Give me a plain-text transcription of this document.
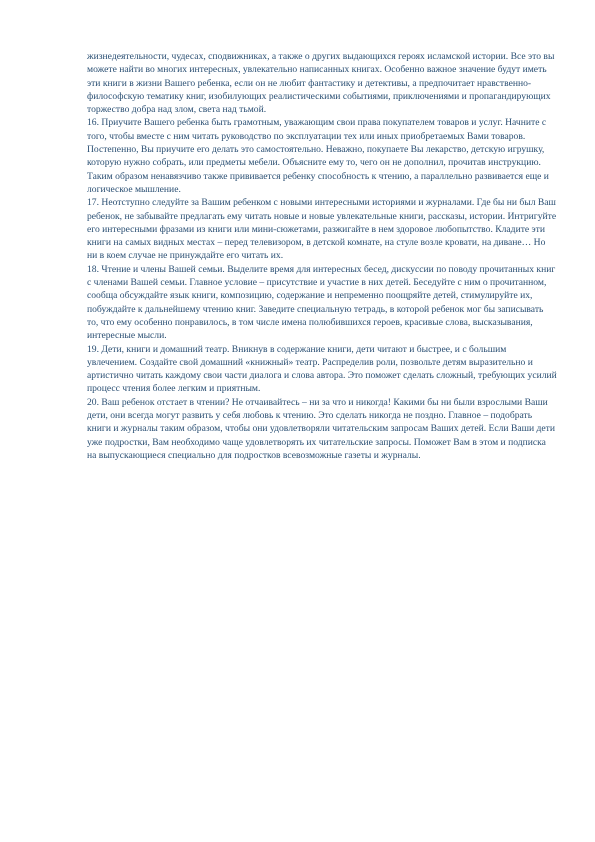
жизнедеятельности, чудесах, сподвижниках, а также о других выдающихся героях исламской истории. Все это вы можете найти во многих интересных, увлекательно написанных книгах. Особенно важное значение будут иметь эти книги в жизни Вашего ребенка, если он не любит фантастику и детективы, а предпочитает нравственно-философскую тематику книг, изобилующих реалистическими событиями, приключениями и пропагандирующих торжество добра над злом, света над тьмой.

16. Приучите Вашего ребенка быть грамотным, уважающим свои права покупателем товаров и услуг. Начните с того, чтобы вместе с ним читать руководство по эксплуатации тех или иных приобретаемых Вами товаров. Постепенно, Вы приучите его делать это самостоятельно. Неважно, покупаете Вы лекарство, детскую игрушку, которую нужно собрать, или предметы мебели. Объясните ему то, чего он не дополнил, прочитав инструкцию. Таким образом ненавязчиво также прививается ребенку способность к чтению, а параллельно развивается еще и логическое мышление.

17. Неотступно следуйте за Вашим ребенком с новыми интересными историями и журналами. Где бы ни был Ваш ребенок, не забывайте предлагать ему читать новые и новые увлекательные книги, рассказы, истории. Интригуйте его интересными фразами из книги или мини-сюжетами, разжигайте в нем здоровое любопытство. Кладите эти книги на самых видных местах – перед телевизором, в детской комнате, на стуле возле кровати, на диване… Но ни в коем случае не принуждайте его читать их.

18. Чтение и члены Вашей семьи. Выделите время для интересных бесед, дискуссии по поводу прочитанных книг с членами Вашей семьи. Главное условие – присутствие и участие в них детей. Беседуйте с ним о прочитанном, сообща обсуждайте язык книги, композицию, содержание и непременно поощряйте детей, стимулируйте их, побуждайте к дальнейшему чтению книг. Заведите специальную тетрадь, в которой ребенок мог бы записывать то, что ему особенно понравилось, в том числе имена полюбившихся героев, красивые слова, высказывания, интересные мысли.

19. Дети, книги и домашний театр. Вникнув в содержание книги, дети читают и быстрее, и с большим увлечением. Создайте свой домашний «книжный» театр. Распределив роли, позвольте детям выразительно и артистично читать каждому свои части диалога и слова автора. Это поможет сделать сложный, требующих усилий процесс чтения более легким и приятным.

20. Ваш ребенок отстает в чтении? Не отчаивайтесь – ни за что и никогда! Какими бы ни были взрослыми Ваши дети, они всегда могут развить у себя любовь к чтению. Это сделать никогда не поздно. Главное – подобрать книги и журналы таким образом, чтобы они удовлетворяли читательским запросам Ваших детей. Если Ваши дети уже подростки, Вам необходимо чаще удовлетворять их читательские запросы. Поможет Вам в этом и подписка на выпускающиеся специально для подростков всевозможные газеты и журналы.
